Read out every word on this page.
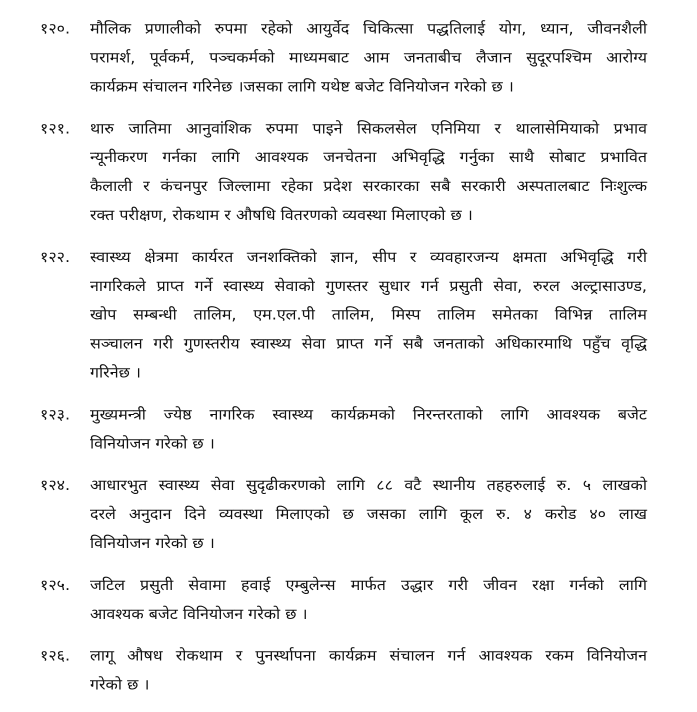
१२०.	मौलिक प्रणालीको रुपमा रहेको आयुर्वेद चिकित्सा पद्धतिलाई योग, ध्यान, जीवनशैली
परामर्श, पूर्वकर्म, पञ्चकर्मको माध्यमबाट आम जनताबीच लैजान सुदूरपश्चिम आरोग्य
कार्यक्रम संचालन गरिनेछ ।जसका लागि यथेष्ट बजेट विनियोजन गरेको छ ।
१२१.	थारु जातिमा आनुवांशिक रुपमा पाइने सिकलसेल एनिमिया र थालासेमियाको प्रभाव
न्यूनीकरण गर्नका लागि आवश्यक जनचेतना अभिवृद्धि गर्नुका साथै सोबाट प्रभावित
कैलाली र कंचनपुर जिल्लामा रहेका प्रदेश सरकारका सबै सरकारी अस्पतालबाट निःशुल्क
रक्त परीक्षण, रोकथाम र औषधि वितरणको व्यवस्था मिलाएको छ ।
१२२.	स्वास्थ्य क्षेत्रमा कार्यरत जनशक्तिको ज्ञान, सीप र व्यवहारजन्य क्षमता अभिवृद्धि गरी
नागरिकले प्राप्त गर्ने स्वास्थ्य सेवाको गुणस्तर सुधार गर्न प्रसुती सेवा, रुरल अल्ट्रासाउण्ड,
खोप सम्बन्धी तालिम, एम.एल.पी तालिम, मिस्प तालिम समेतका विभिन्न तालिम
सञ्चालन गरी गुणस्तरीय स्वास्थ्य सेवा प्राप्त गर्ने सबै जनताको अधिकारमाथि पहुँच वृद्धि
गरिनेछ ।
१२३.	मुख्यमन्त्री ज्येष्ठ नागरिक स्वास्थ्य कार्यक्रमको निरन्तरताको लागि आवश्यक बजेट
विनियोजन गरेको छ ।
१२४.	आधारभुत स्वास्थ्य सेवा सुदृढीकरणको लागि ८८ वटै स्थानीय तहहरुलाई रु. ५ लाखको
दरले अनुदान दिने व्यवस्था मिलाएको छ जसका लागि कूल रु. ४ करोड ४० लाख
विनियोजन गरेको छ ।
१२५.	जटिल प्रसुती सेवामा हवाई एम्बुलेन्स मार्फत उद्धार गरी जीवन रक्षा गर्नको लागि
आवश्यक बजेट विनियोजन गरेको छ ।
१२६.	लागू औषध रोकथाम र पुनर्स्थापना कार्यक्रम संचालन गर्न आवश्यक रकम विनियोजन
गरेको छ ।
